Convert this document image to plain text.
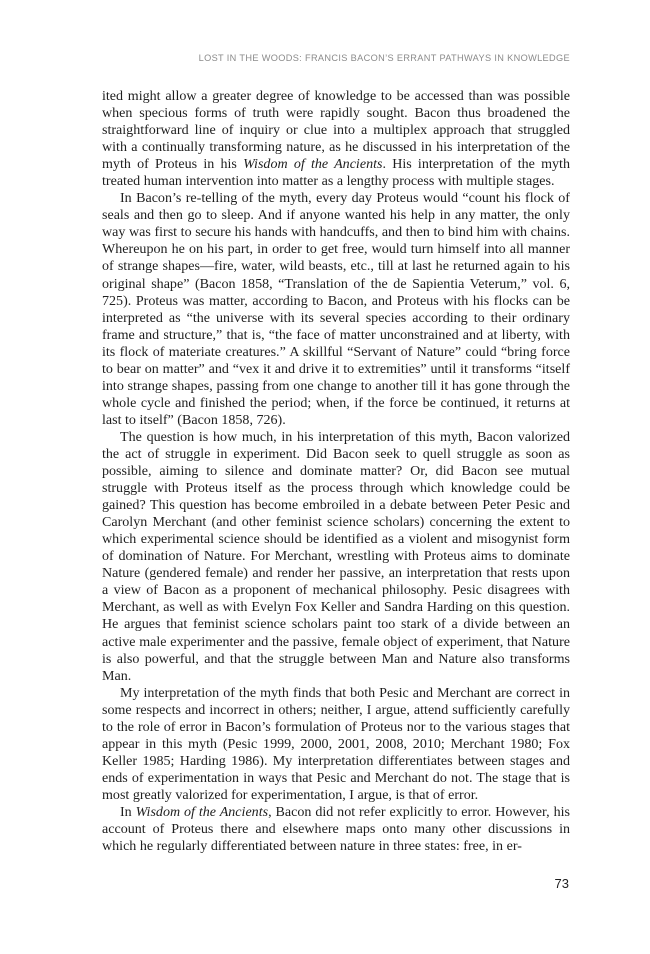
LOST IN THE WOODS: FRANCIS BACON’S ERRANT PATHWAYS IN KNOWLEDGE

ited might allow a greater degree of knowledge to be accessed than was possible when specious forms of truth were rapidly sought. Bacon thus broadened the straightforward line of inquiry or clue into a multiplex approach that struggled with a continually transforming nature, as he discussed in his interpretation of the myth of Proteus in his Wisdom of the Ancients. His interpretation of the myth treated human intervention into matter as a lengthy process with multiple stages.

In Bacon’s re-telling of the myth, every day Proteus would “count his flock of seals and then go to sleep. And if anyone wanted his help in any matter, the only way was first to secure his hands with handcuffs, and then to bind him with chains. Whereupon he on his part, in order to get free, would turn himself into all manner of strange shapes—fire, water, wild beasts, etc., till at last he returned again to his original shape” (Bacon 1858, “Translation of the de Sapientia Veterum,” vol. 6, 725). Proteus was matter, according to Bacon, and Proteus with his flocks can be interpreted as “the universe with its several species according to their ordinary frame and structure,” that is, “the face of matter unconstrained and at liberty, with its flock of materiate creatures.” A skillful “Servant of Nature” could “bring force to bear on matter” and “vex it and drive it to extremities” until it transforms “itself into strange shapes, passing from one change to another till it has gone through the whole cycle and finished the period; when, if the force be continued, it returns at last to itself” (Bacon 1858, 726).

The question is how much, in his interpretation of this myth, Bacon valorized the act of struggle in experiment. Did Bacon seek to quell struggle as soon as possible, aiming to silence and dominate matter? Or, did Bacon see mutual struggle with Proteus itself as the process through which knowledge could be gained? This question has become embroiled in a debate between Peter Pesic and Carolyn Merchant (and other feminist science scholars) concerning the extent to which experimental science should be identified as a violent and misogynist form of domination of Nature. For Merchant, wrestling with Proteus aims to dominate Nature (gendered female) and render her passive, an interpretation that rests upon a view of Bacon as a proponent of mechanical philosophy. Pesic disagrees with Merchant, as well as with Evelyn Fox Keller and Sandra Harding on this question. He argues that feminist science scholars paint too stark of a divide between an active male experimenter and the passive, female object of experiment, that Nature is also powerful, and that the struggle between Man and Nature also transforms Man.

My interpretation of the myth finds that both Pesic and Merchant are correct in some respects and incorrect in others; neither, I argue, attend sufficiently carefully to the role of error in Bacon’s formulation of Proteus nor to the various stages that appear in this myth (Pesic 1999, 2000, 2001, 2008, 2010; Merchant 1980; Fox Keller 1985; Harding 1986). My interpretation differentiates between stages and ends of experimentation in ways that Pesic and Merchant do not. The stage that is most greatly valorized for experimentation, I argue, is that of error.

In Wisdom of the Ancients, Bacon did not refer explicitly to error. However, his account of Proteus there and elsewhere maps onto many other discussions in which he regularly differentiated between nature in three states: free, in er-

73
